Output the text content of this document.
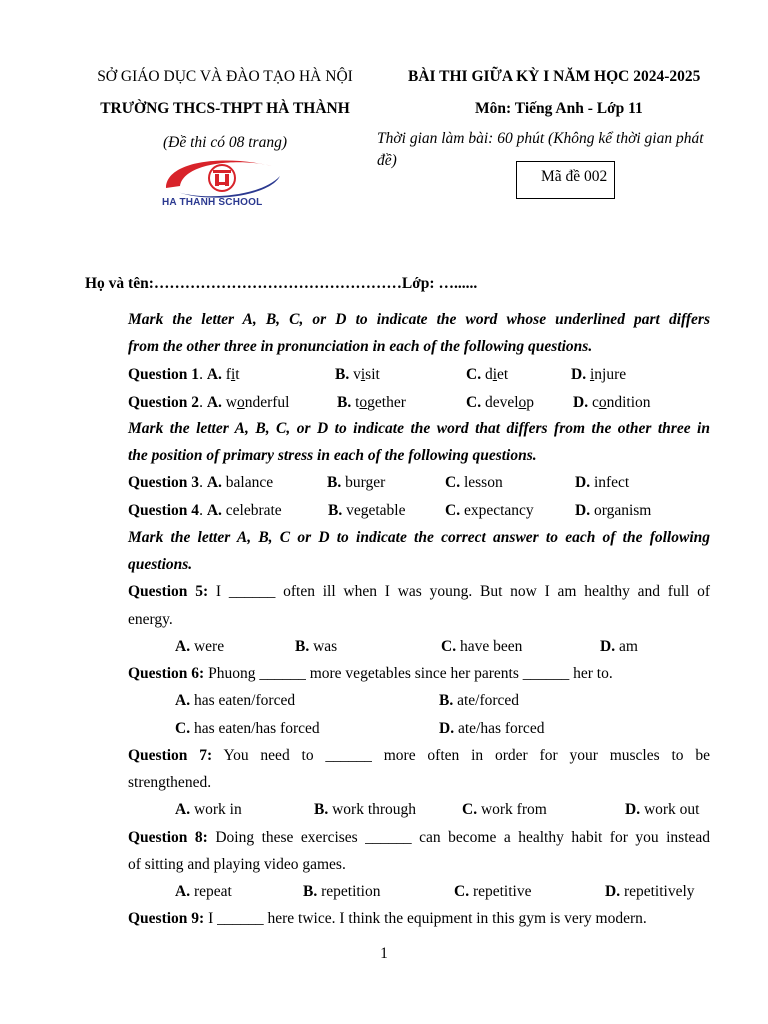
SỞ GIÁO DỤC VÀ ĐÀO TẠO HÀ NỘI
TRƯỜNG THCS-THPT HÀ THÀNH
(Đề thi có 08 trang)
HA THANH SCHOOL
BÀI THI GIỮA KỲ I NĂM HỌC 2024-2025
Môn: Tiếng Anh - Lớp 11
Thời gian làm bài: 60 phút (Không kể thời gian phát
đề)
Mã đề 002
Họ và tên:…………………………………………Lớp: …......
Mark the letter A, B, C, or D to indicate the word whose underlined part differs
from the other three in pronunciation in each of the following questions.
Question 1. A. fit	B. visit	C. diet	D. injure
Question 2. A. wonderful	B. together	C. develop	D. condition
Mark the letter A, B, C, or D to indicate the word that differs from the other three in
the position of primary stress in each of the following questions.
Question 3. A. balance	B. burger	C. lesson	D. infect
Question 4. A. celebrate	B. vegetable	C. expectancy	D. organism
Mark the letter A, B, C or D to indicate the correct answer to each of the following
questions.
Question 5: I ______ often ill when I was young. But now I am healthy and full of
energy.
A. were	B. was	C. have been	D. am
Question 6: Phuong ______ more vegetables since her parents ______ her to.
A. has eaten/forced	B. ate/forced
C. has eaten/has forced	D. ate/has forced
Question 7: You need to ______ more often in order for your muscles to be
strengthened.
A. work in	B. work through	C. work from	D. work out
Question 8: Doing these exercises ______ can become a healthy habit for you instead
of sitting and playing video games.
A. repeat	B. repetition	C. repetitive	D. repetitively
Question 9: I ______ here twice. I think the equipment in this gym is very modern.
1
